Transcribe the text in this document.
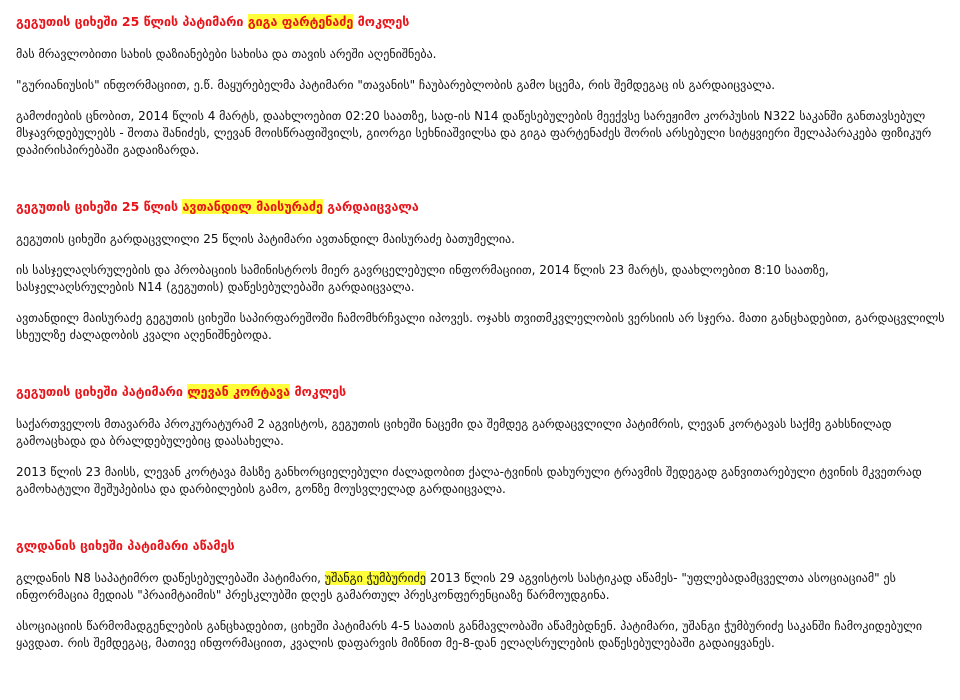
გეგუთის ციხეში 25 წლის პატიმარი გიგა ფარტენაძე მოკლეს

მას მრავლობითი სახის დაზიანებები სახისა და თავის არეში აღენიშნება.

"გურიანიუსის" ინფორმაციით, ე.წ. მაყურებელმა პატიმარი "თავანის" ჩაუბარებლობის გამო სცემა, რის შემდეგაც ის გარდაიცვალა.

გამოძიების ცნობით, 2014 წლის 4 მარტს, დაახლოებით 02:20 საათზე, სად-ის N14 დაწესებულების მეექვსე სარეჟიმო კორპუსის N322 საკანში განთავსებულ მსჯავრდებულებს - შოთა შანიძეს, ლევან მოისწრაფიშვილს, გიორგი სეხნიაშვილსა და გიგა ფარტენაძეს შორის არსებული სიტყვიერი შელაპარაკება ფიზიკურ დაპირისპირებაში გადაიზარდა.

გეგუთის ციხეში 25 წლის ავთანდილ მაისურაძე გარდაიცვალა

გეგუთის ციხეში გარდაცვლილი 25 წლის პატიმარი ავთანდილ მაისურაძე ბათუმელია.

ის სასჯელაღსრულების და პრობაციის სამინისტროს მიერ გავრცელებული ინფორმაციით, 2014 წლის 23 მარტს, დაახლოებით 8:10 საათზე, სასჯელაღსრულების N14 (გეგუთის) დაწესებულებაში გარდაიცვალა.

ავთანდილ მაისურაძე გეგუთის ციხეში საპირფარეშოში ჩამომხრჩვალი იპოვეს. ოჯახს თვითმკვლელობის ვერსიის არ სჯერა. მათი განცხადებით, გარდაცვლილს სხეულზე ძალადობის კვალი აღენიშნებოდა.

გეგუთის ციხეში პატიმარი ლევან კორტავა მოკლეს

საქართველოს მთავარმა პროკურატურამ 2 აგვისტოს, გეგუთის ციხეში ნაცემი და შემდეგ გარდაცვლილი პატიმრის, ლევან კორტავას საქმე გახსნილად გამოაცხადა და ბრალდებულებიც დაასახელა.

2013 წლის 23 მაისს, ლევან კორტავა მასზე განხორციელებული ძალადობით ქალა-ტვინის დახურული ტრავმის შედეგად განვითარებული ტვინის მკვეთრად გამოხატული შეშუპებისა და დარბილების გამო, გონზე მოუსვლელად გარდაიცვალა.

გლდანის ციხეში პატიმარი აწამეს

გლდანის N8 საპატიმრო დაწესებულებაში პატიმარი, უშანგი ჭუმბურიძე 2013 წლის 29 აგვისტოს სასტიკად აწამეს- "უფლებადამცველთა ასოციაციამ" ეს ინფორმაცია მედიას "პრაიმტაიმის" პრესკლუბში დღეს გამართულ პრესკონფერენციაზე წარმოუდგინა.

ასოციაციის წარმომადგენლების განცხადებით, ციხეში პატიმარს 4-5 საათის განმავლობაში აწამებდნენ. პატიმარი, უშანგი ჭუმბურიძე საკანში ჩამოკიდებული ყავდათ. რის შემდეგაც, მათივე ინფორმაციით, კვალის დაფარვის მიზნით მე-8-დან ელაღსრულების დაწესებულებაში გადაიყვანეს.
